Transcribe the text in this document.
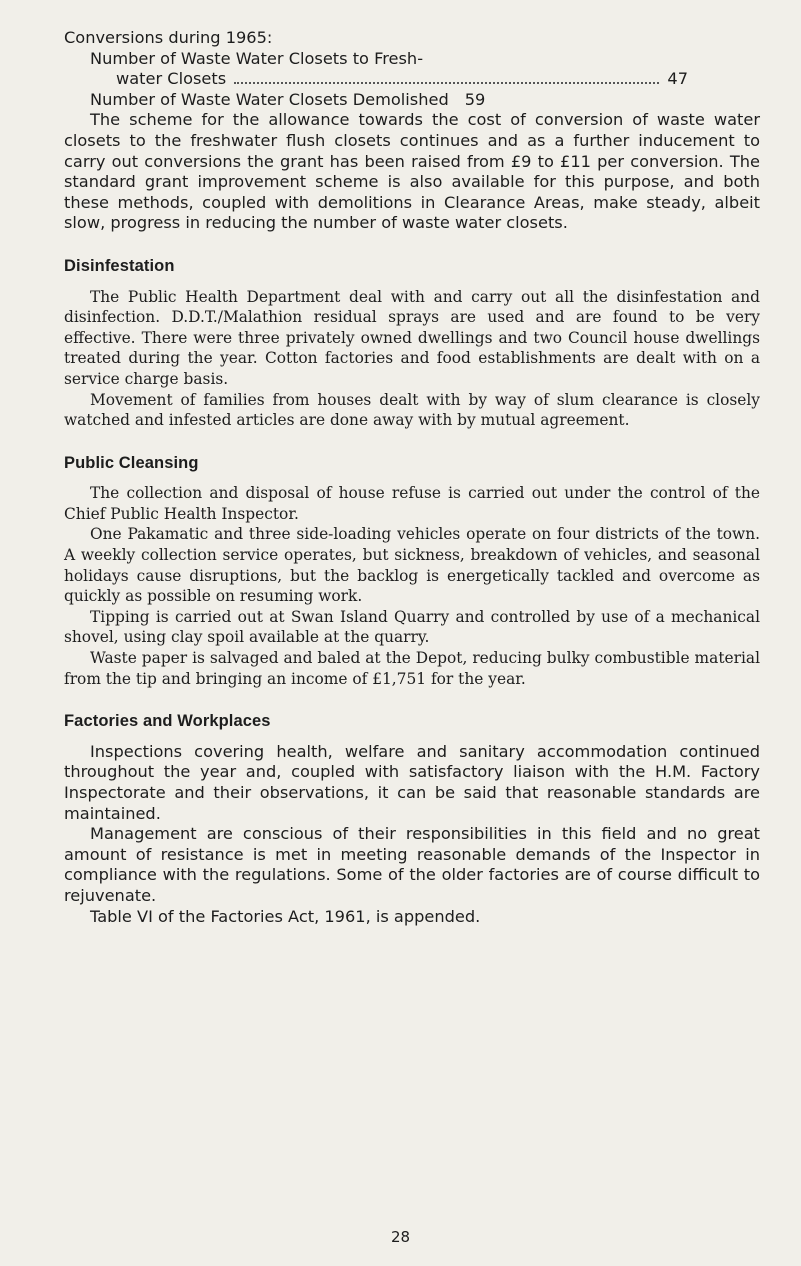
Conversions during 1965:
Number of Waste Water Closets to Fresh-
water Closets	47
Number of Waste Water Closets Demolished 59

The scheme for the allowance towards the cost of conversion of waste water closets to the freshwater flush closets continues and as a further inducement to carry out conversions the grant has been raised from £9 to £11 per conversion. The standard grant improvement scheme is also available for this purpose, and both these methods, coupled with demolitions in Clearance Areas, make steady, albeit slow, progress in reducing the number of waste water closets.

Disinfestation

The Public Health Department deal with and carry out all the disinfestation and disinfection. D.D.T./Malathion residual sprays are used and are found to be very effective. There were three privately owned dwellings and two Council house dwellings treated during the year. Cotton factories and food establishments are dealt with on a service charge basis.

Movement of families from houses dealt with by way of slum clearance is closely watched and infested articles are done away with by mutual agreement.

Public Cleansing

The collection and disposal of house refuse is carried out under the control of the Chief Public Health Inspector.

One Pakamatic and three side-loading vehicles operate on four districts of the town. A weekly collection service operates, but sickness, breakdown of vehicles, and seasonal holidays cause disruptions, but the backlog is energetically tackled and overcome as quickly as possible on resuming work.

Tipping is carried out at Swan Island Quarry and controlled by use of a mechanical shovel, using clay spoil available at the quarry.

Waste paper is salvaged and baled at the Depot, reducing bulky combustible material from the tip and bringing an income of £1,751 for the year.

Factories and Workplaces

Inspections covering health, welfare and sanitary accommodation continued throughout the year and, coupled with satisfactory liaison with the H.M. Factory Inspectorate and their observations, it can be said that reasonable standards are maintained.

Management are conscious of their responsibilities in this field and no great amount of resistance is met in meeting reasonable demands of the Inspector in compliance with the regulations. Some of the older factories are of course difficult to rejuvenate.

Table VI of the Factories Act, 1961, is appended.

28
